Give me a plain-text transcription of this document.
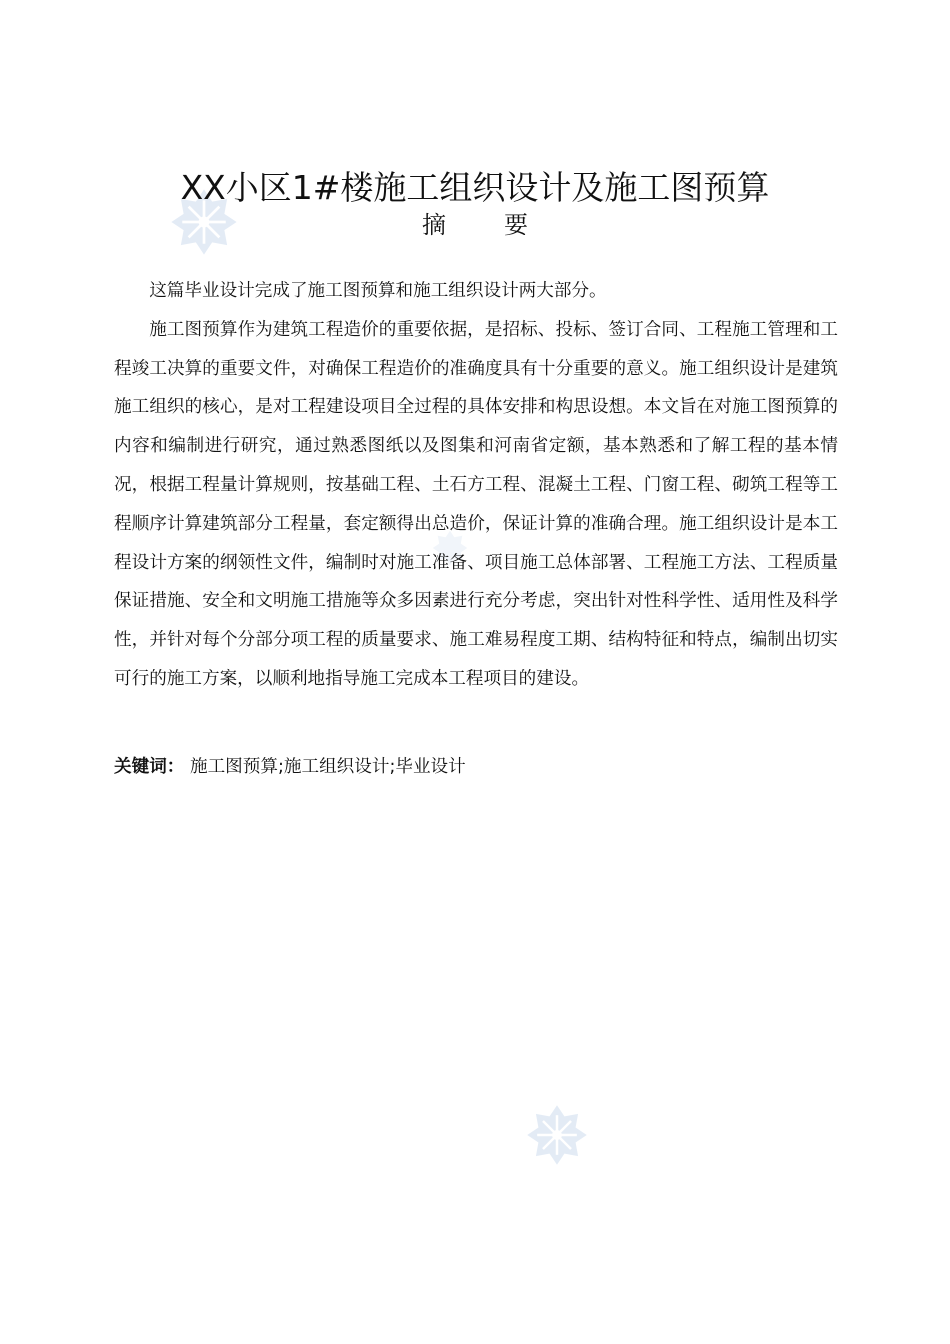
XX小区1#楼施工组织设计及施工图预算
摘要

这篇毕业设计完成了施工图预算和施工组织设计两大部分。

施工图预算作为建筑工程造价的重要依据，是招标、投标、签订合同、工程施工管理和工程竣工决算的重要文件，对确保工程造价的准确度具有十分重要的意义。施工组织设计是建筑施工组织的核心，是对工程建设项目全过程的具体安排和构思设想。本文旨在对施工图预算的内容和编制进行研究，通过熟悉图纸以及图集和河南省定额，基本熟悉和了解工程的基本情况，根据工程量计算规则，按基础工程、土石方工程、混凝土工程、门窗工程、砌筑工程等工程顺序计算建筑部分工程量，套定额得出总造价，保证计算的准确合理。施工组织设计是本工程设计方案的纲领性文件，编制时对施工准备、项目施工总体部署、工程施工方法、工程质量保证措施、安全和文明施工措施等众多因素进行充分考虑，突出针对性科学性、适用性及科学性，并针对每个分部分项工程的质量要求、施工难易程度工期、结构特征和特点，编制出切实可行的施工方案，以顺利地指导施工完成本工程项目的建设。

关键词： 施工图预算;施工组织设计;毕业设计
